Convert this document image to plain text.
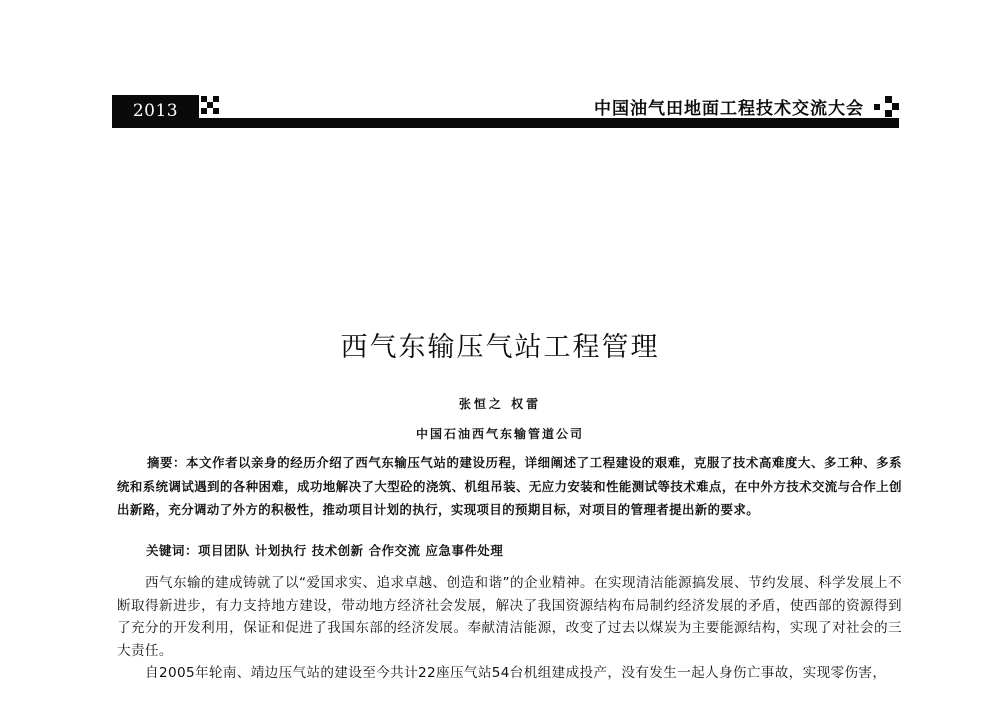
2013	中国油气田地面工程技术交流大会
西气东输压气站工程管理
张恒之 权雷
中国石油西气东输管道公司
摘要：本文作者以亲身的经历介绍了西气东输压气站的建设历程，详细阐述了工程建设的艰难，克服了技术高难度大、多工种、多系统和系统调试遇到的各种困难，成功地解决了大型砼的浇筑、机组吊装、无应力安装和性能测试等技术难点，在中外方技术交流与合作上创出新路，充分调动了外方的积极性，推动项目计划的执行，实现项目的预期目标，对项目的管理者提出新的要求。
关键词：项目团队 计划执行 技术创新 合作交流 应急事件处理

西气东输的建成铸就了以“爱国求实、追求卓越、创造和谐”的企业精神。在实现清洁能源搞发展、节约发展、科学发展上不断取得新进步，有力支持地方建设，带动地方经济社会发展，解决了我国资源结构布局制约经济发展的矛盾，使西部的资源得到了充分的开发利用，保证和促进了我国东部的经济发展。奉献清洁能源，改变了过去以煤炭为主要能源结构，实现了对社会的三大责任。

自2005年轮南、靖边压气站的建设至今共计22座压气站54台机组建成投产，没有发生一起人身伤亡事故，实现零伤害，
